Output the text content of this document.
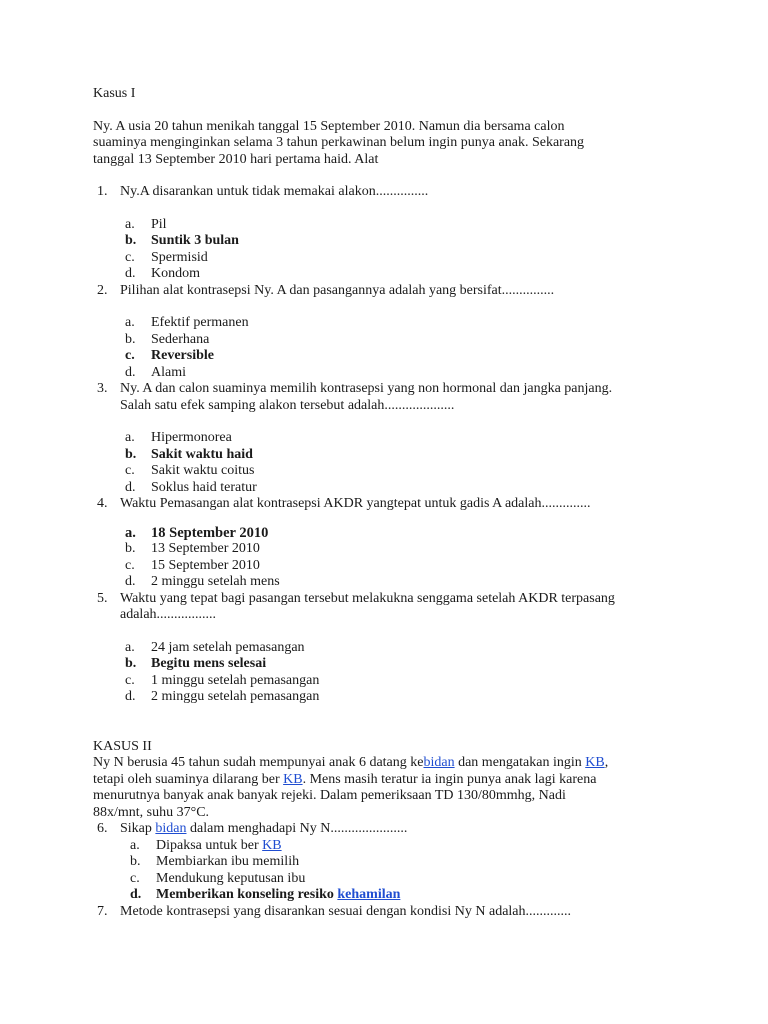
Kasus I
Ny. A usia 20 tahun menikah tanggal 15 September 2010. Namun dia bersama calon
suaminya menginginkan selama 3 tahun perkawinan belum ingin punya anak. Sekarang
tanggal 13 September 2010 hari pertama haid. Alat
1. Ny.A disarankan untuk tidak memakai alakon...............
a. Pil
b. Suntik 3 bulan
c. Spermisid
d. Kondom
2. Pilihan alat kontrasepsi Ny. A dan pasangannya adalah yang bersifat...............
a. Efektif permanen
b. Sederhana
c. Reversible
d. Alami
3. Ny. A dan calon suaminya memilih kontrasepsi yang non hormonal dan jangka panjang.
Salah satu efek samping alakon tersebut adalah....................
a. Hipermonorea
b. Sakit waktu haid
c. Sakit waktu coitus
d. Soklus haid teratur
4. Waktu Pemasangan alat kontrasepsi AKDR yangtepat untuk gadis A adalah..............
a. 18 September 2010
b. 13 September 2010
c. 15 September 2010
d. 2 minggu setelah mens
5. Waktu yang tepat bagi pasangan tersebut melakukna senggama setelah AKDR terpasang
adalah.................
a. 24 jam setelah pemasangan
b. Begitu mens selesai
c. 1 minggu setelah pemasangan
d. 2 minggu setelah pemasangan
KASUS II
Ny N berusia 45 tahun sudah mempunyai anak 6 datang kebidan dan mengatakan ingin KB,
tetapi oleh suaminya dilarang ber KB. Mens masih teratur ia ingin punya anak lagi karena
menurutnya banyak anak banyak rejeki. Dalam pemeriksaan TD 130/80mmhg, Nadi
88x/mnt, suhu 37°C.
6. Sikap bidan dalam menghadapi Ny N......................
a. Dipaksa untuk ber KB
b. Membiarkan ibu memilih
c. Mendukung keputusan ibu
d. Memberikan konseling resiko kehamilan
7. Metode kontrasepsi yang disarankan sesuai dengan kondisi Ny N adalah.............
